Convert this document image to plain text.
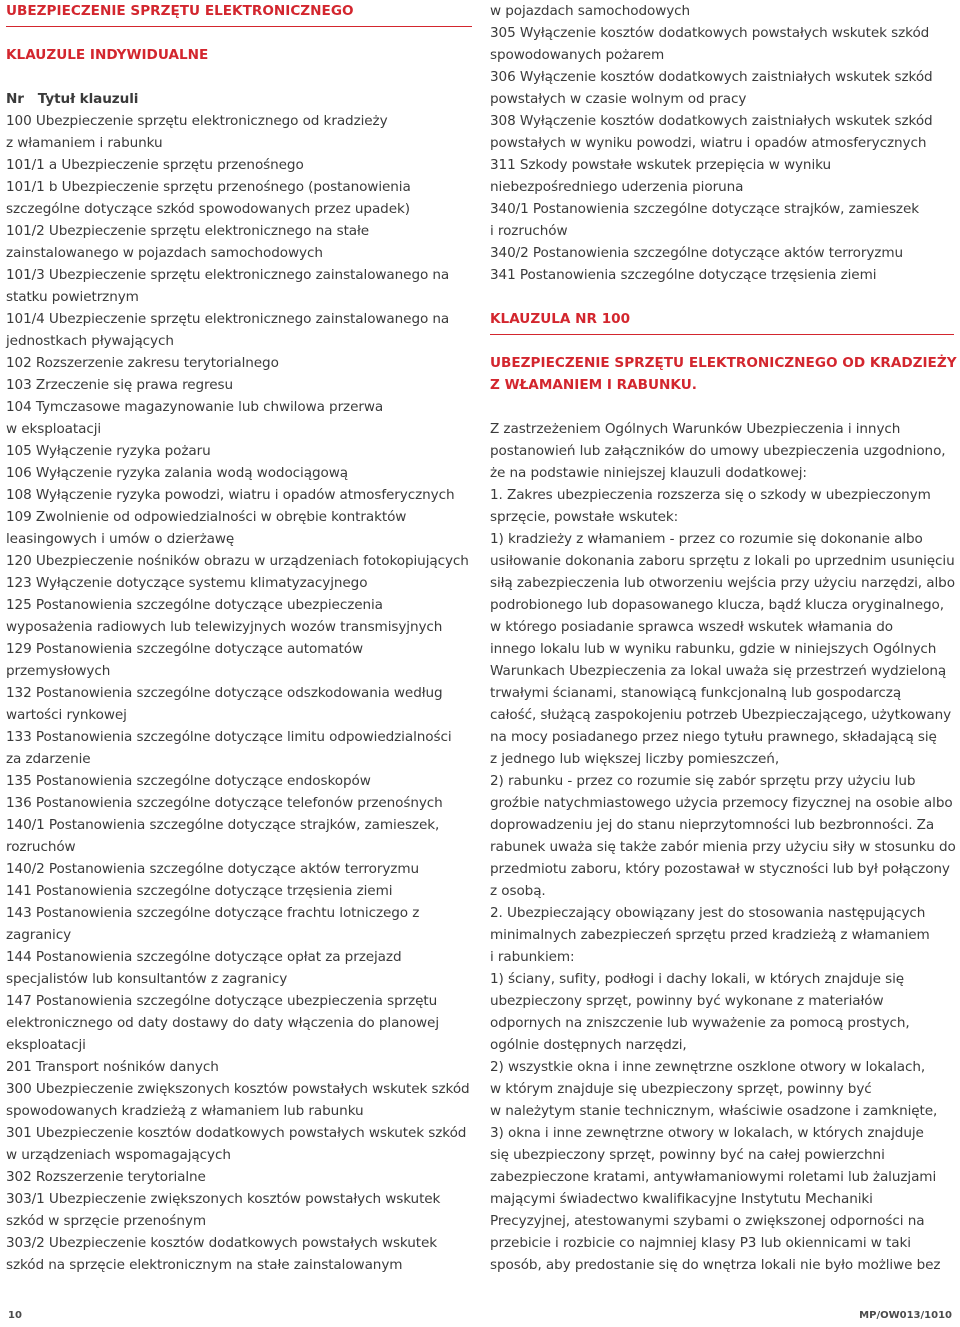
UBEZPIECZENIE SPRZĘTU ELEKTRONICZNEGO
KLAUZULE INDYWIDUALNE
Nr   Tytuł klauzuli
100 Ubezpieczenie sprzętu elektronicznego od kradzieży
z włamaniem i rabunku
101/1 a Ubezpieczenie sprzętu przenośnego
101/1 b Ubezpieczenie sprzętu przenośnego (postanowienia
szczególne dotyczące szkód spowodowanych przez upadek)
101/2 Ubezpieczenie sprzętu elektronicznego na stałe
zainstalowanego w pojazdach samochodowych
101/3 Ubezpieczenie sprzętu elektronicznego zainstalowanego na
statku powietrznym
101/4 Ubezpieczenie sprzętu elektronicznego zainstalowanego na
jednostkach pływających
102 Rozszerzenie zakresu terytorialnego
103 Zrzeczenie się prawa regresu
104 Tymczasowe magazynowanie lub chwilowa przerwa
w eksploatacji
105 Wyłączenie ryzyka pożaru
106 Wyłączenie ryzyka zalania wodą wodociągową
108 Wyłączenie ryzyka powodzi, wiatru i opadów atmosferycznych
109 Zwolnienie od odpowiedzialności w obrębie kontraktów
leasingowych i umów o dzierżawę
120 Ubezpieczenie nośników obrazu w urządzeniach fotokopiujących
123 Wyłączenie dotyczące systemu klimatyzacyjnego
125 Postanowienia szczególne dotyczące ubezpieczenia
wyposażenia radiowych lub telewizyjnych wozów transmisyjnych
129 Postanowienia szczególne dotyczące automatów
przemysłowych
132 Postanowienia szczególne dotyczące odszkodowania według
wartości rynkowej
133 Postanowienia szczególne dotyczące limitu odpowiedzialności
za zdarzenie
135 Postanowienia szczególne dotyczące endoskopów
136 Postanowienia szczególne dotyczące telefonów przenośnych
140/1 Postanowienia szczególne dotyczące strajków, zamieszek,
rozruchów
140/2 Postanowienia szczególne dotyczące aktów terroryzmu
141 Postanowienia szczególne dotyczące trzęsienia ziemi
143 Postanowienia szczególne dotyczące frachtu lotniczego z
zagranicy
144 Postanowienia szczególne dotyczące opłat za przejazd
specjalistów lub konsultantów z zagranicy
147 Postanowienia szczególne dotyczące ubezpieczenia sprzętu
elektronicznego od daty dostawy do daty włączenia do planowej
eksploatacji
201 Transport nośników danych
300 Ubezpieczenie zwiększonych kosztów powstałych wskutek szkód
spowodowanych kradzieżą z włamaniem lub rabunku
301 Ubezpieczenie kosztów dodatkowych powstałych wskutek szkód
w urządzeniach wspomagających
302 Rozszerzenie terytorialne
303/1 Ubezpieczenie zwiększonych kosztów powstałych wskutek
szkód w sprzęcie przenośnym
303/2 Ubezpieczenie kosztów dodatkowych powstałych wskutek
szkód na sprzęcie elektronicznym na stałe zainstalowanym
w pojazdach samochodowych
305 Wyłączenie kosztów dodatkowych powstałych wskutek szkód
spowodowanych pożarem
306 Wyłączenie kosztów dodatkowych zaistniałych wskutek szkód
powstałych w czasie wolnym od pracy
308 Wyłączenie kosztów dodatkowych zaistniałych wskutek szkód
powstałych w wyniku powodzi, wiatru i opadów atmosferycznych
311 Szkody powstałe wskutek przepięcia w wyniku
niebezpośredniego uderzenia pioruna
340/1 Postanowienia szczególne dotyczące strajków, zamieszek
i rozruchów
340/2 Postanowienia szczególne dotyczące aktów terroryzmu
341 Postanowienia szczególne dotyczące trzęsienia ziemi
KLAUZULA NR 100
UBEZPIECZENIE SPRZĘTU ELEKTRONICZNEGO OD KRADZIEŻY
Z WŁAMANIEM I RABUNKU.
Z zastrzeżeniem Ogólnych Warunków Ubezpieczenia i innych
postanowień lub załączników do umowy ubezpieczenia uzgodniono,
że na podstawie niniejszej klauzuli dodatkowej:
1. Zakres ubezpieczenia rozszerza się o szkody w ubezpieczonym
sprzęcie, powstałe wskutek:
1) kradzieży z włamaniem - przez co rozumie się dokonanie albo
usiłowanie dokonania zaboru sprzętu z lokali po uprzednim usunięciu
siłą zabezpieczenia lub otworzeniu wejścia przy użyciu narzędzi, albo
podrobionego lub dopasowanego klucza, bądź klucza oryginalnego,
w którego posiadanie sprawca wszedł wskutek włamania do
innego lokalu lub w wyniku rabunku, gdzie w niniejszych Ogólnych
Warunkach Ubezpieczenia za lokal uważa się przestrzeń wydzieloną
trwałymi ścianami, stanowiącą funkcjonalną lub gospodarczą
całość, służącą zaspokojeniu potrzeb Ubezpieczającego, użytkowany
na mocy posiadanego przez niego tytułu prawnego, składającą się
z jednego lub większej liczby pomieszczeń,
2) rabunku - przez co rozumie się zabór sprzętu przy użyciu lub
groźbie natychmiastowego użycia przemocy fizycznej na osobie albo
doprowadzeniu jej do stanu nieprzytomności lub bezbronności. Za
rabunek uważa się także zabór mienia przy użyciu siły w stosunku do
przedmiotu zaboru, który pozostawał w styczności lub był połączony
z osobą.
2. Ubezpieczający obowiązany jest do stosowania następujących
minimalnych zabezpieczeń sprzętu przed kradzieżą z włamaniem
i rabunkiem:
1) ściany, sufity, podłogi i dachy lokali, w których znajduje się
ubezpieczony sprzęt, powinny być wykonane z materiałów
odpornych na zniszczenie lub wyważenie za pomocą prostych,
ogólnie dostępnych narzędzi,
2) wszystkie okna i inne zewnętrzne oszklone otwory w lokalach,
w którym znajduje się ubezpieczony sprzęt, powinny być
w należytym stanie technicznym, właściwie osadzone i zamknięte,
3) okna i inne zewnętrzne otwory w lokalach, w których znajduje
się ubezpieczony sprzęt, powinny być na całej powierzchni
zabezpieczone kratami, antywłamaniowymi roletami lub żaluzjami
mającymi świadectwo kwalifikacyjne Instytutu Mechaniki
Precyzyjnej, atestowanymi szybami o zwiększonej odporności na
przebicie i rozbicie co najmniej klasy P3 lub okiennicami w taki
sposób, aby predostanie się do wnętrza lokali nie było możliwe bez
10	MP/OW013/1010
